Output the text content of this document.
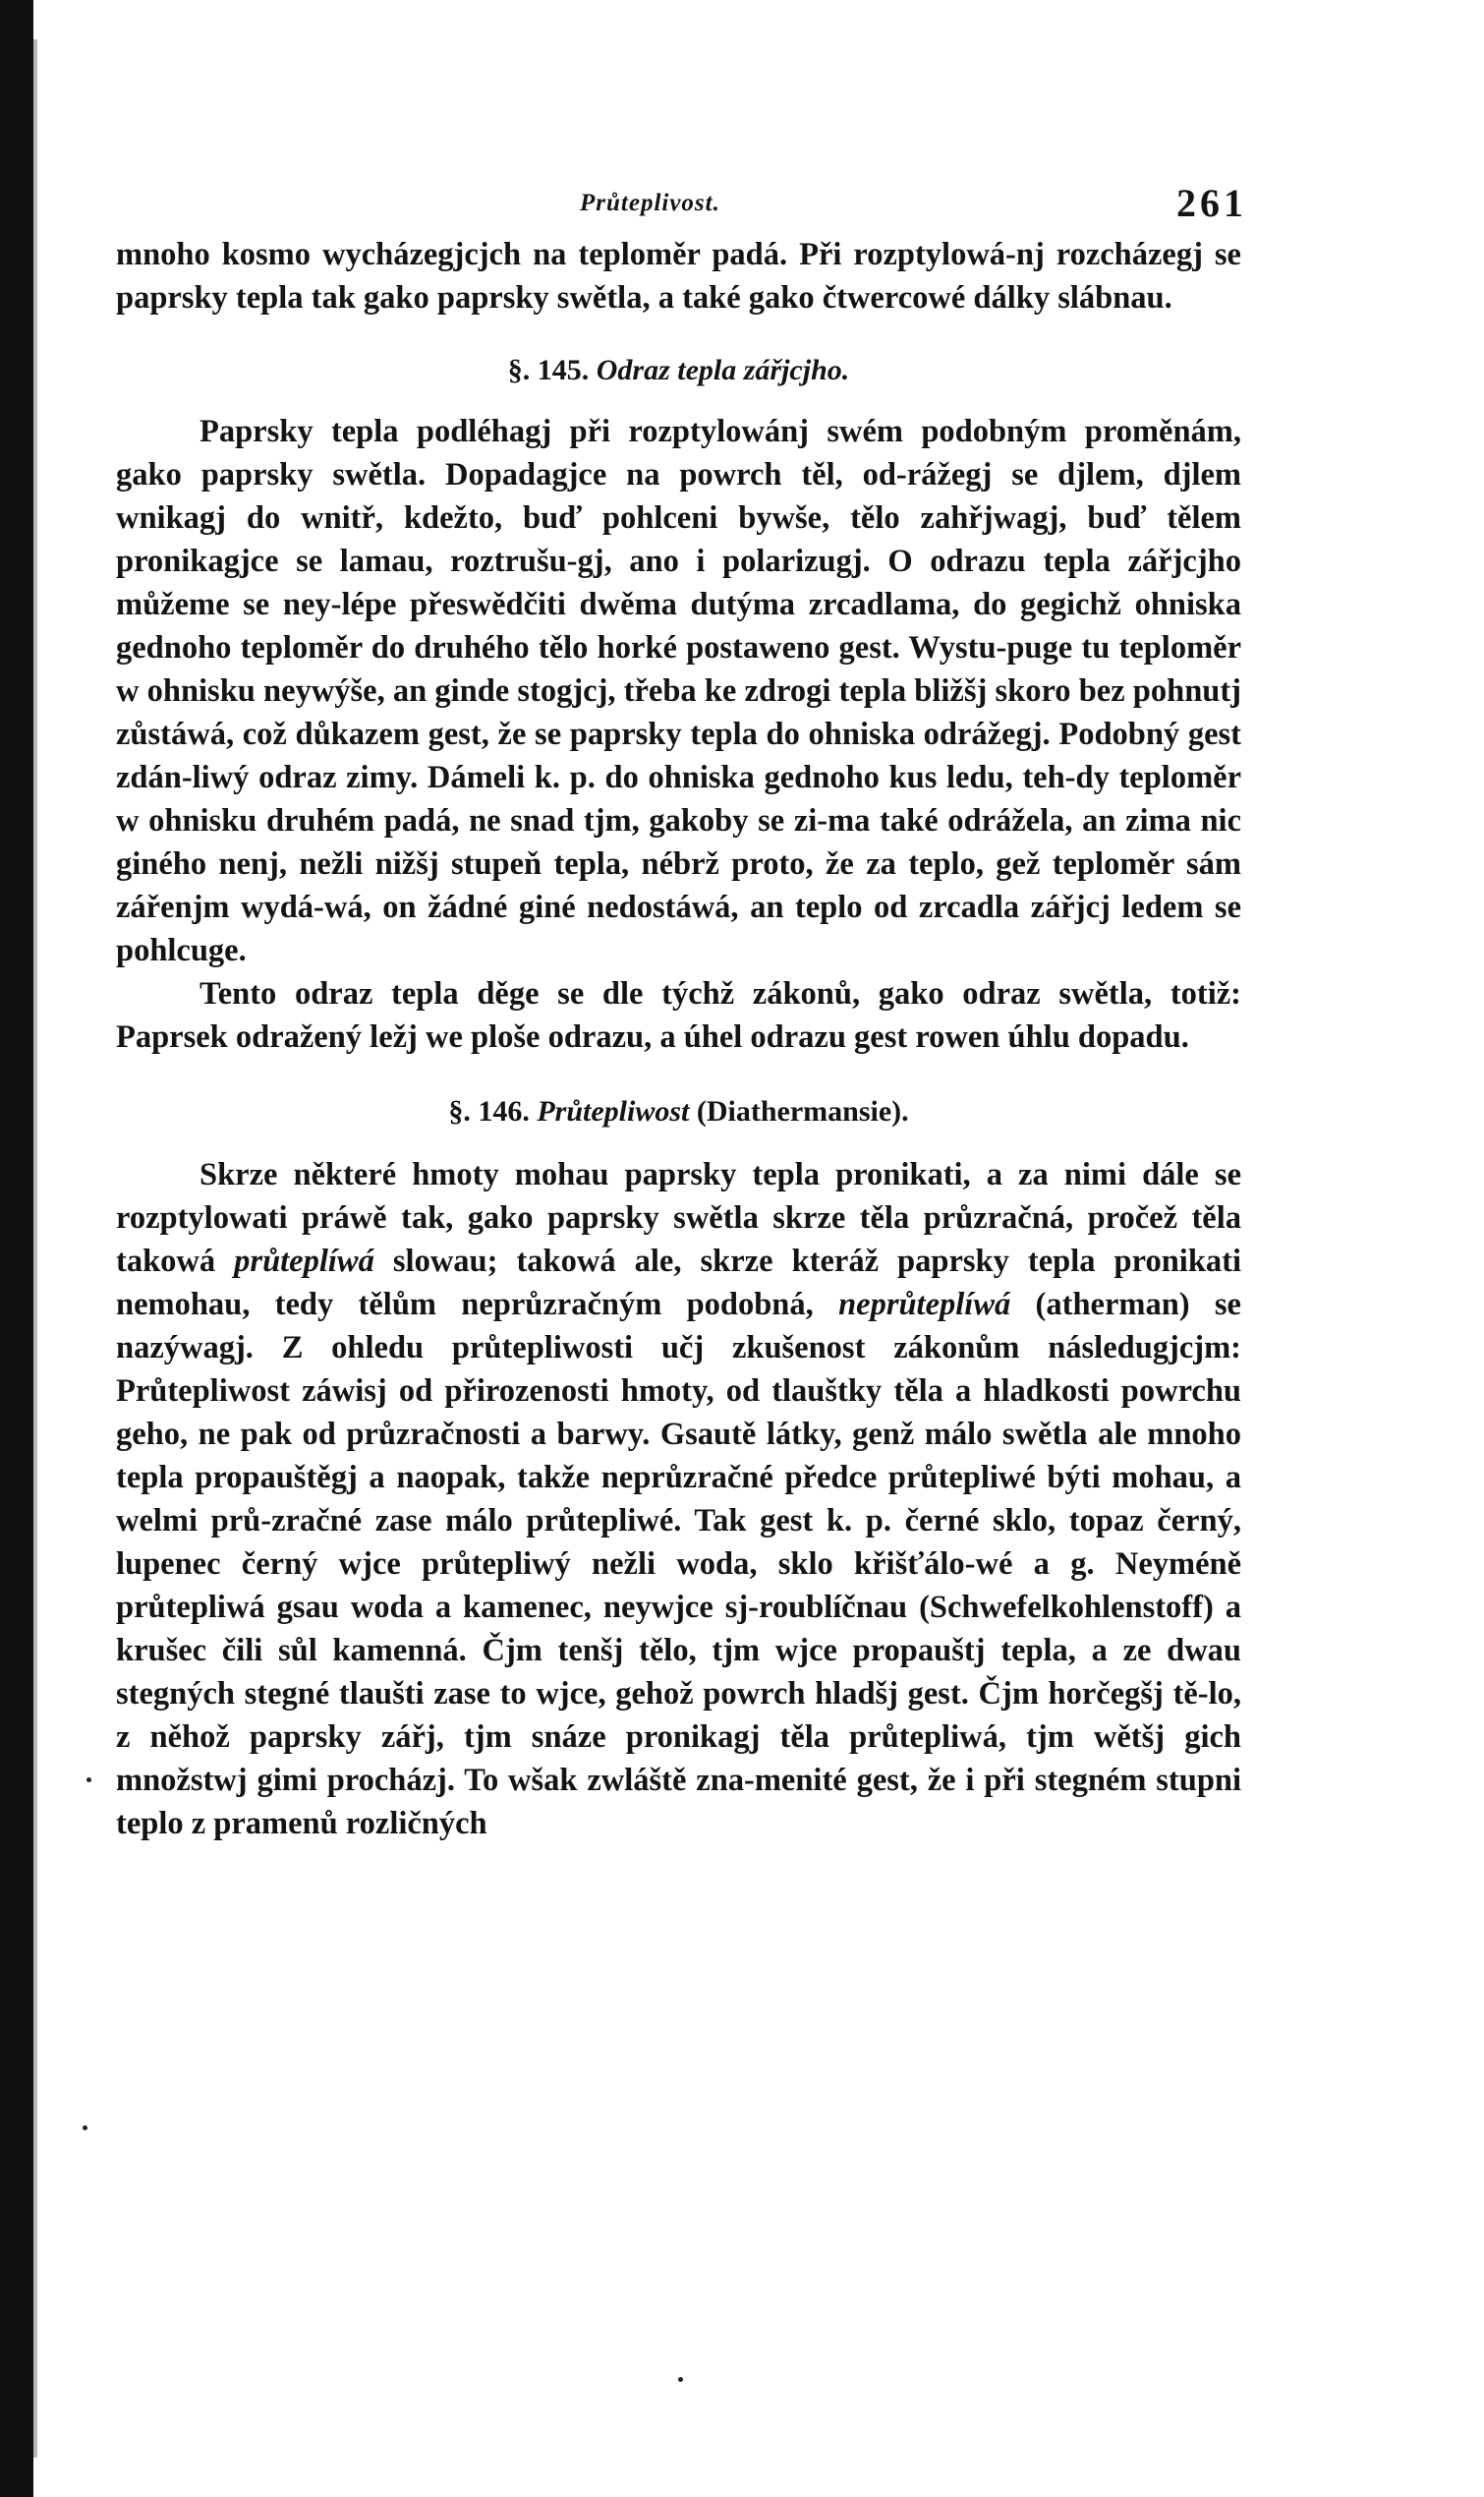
Průteplivost.	261

mnoho kosmo wycházegjcjch na teploměr padá. Při rozptylowá-nj rozcházegj se paprsky tepla tak gako paprsky swětla, a také gako čtwercowé dálky slábnau.

§. 145. Odraz tepla zářjcjho.

Paprsky tepla podléhagj při rozptylowánj swém podobným proměnám, gako paprsky swětla. Dopadagjce na powrch těl, od-rážegj se djlem, djlem wnikagj do wnitř, kdežto, buď pohlceni bywše, tělo zahřjwagj, buď tělem pronikagjce se lamau, roztrušu-gj, ano i polarizugj. O odrazu tepla zářjcjho můžeme se ney-lépe přeswědčiti dwěma dutýma zrcadlama, do gegichž ohniska gednoho teploměr do druhého tělo horké postaweno gest. Wystu-puge tu teploměr w ohnisku neywýše, an ginde stogjcj, třeba ke zdrogi tepla bližšj skoro bez pohnutj zůstáwá, což důkazem gest, že se paprsky tepla do ohniska odrážegj. Podobný gest zdán-liwý odraz zimy. Dámeli k. p. do ohniska gednoho kus ledu, teh-dy teploměr w ohnisku druhém padá, ne snad tjm, gakoby se zi-ma také odrážela, an zima nic giného nenj, nežli nižšj stupeň tepla, nébrž proto, že za teplo, gež teploměr sám zářenjm wydá-wá, on žádné giné nedostáwá, an teplo od zrcadla zářjcj ledem se pohlcuge.

Tento odraz tepla děge se dle týchž zákonů, gako odraz swětla, totiž: Paprsek odražený ležj we ploše odrazu, a úhel odrazu gest rowen úhlu dopadu.

§. 146. Průtepliwost (Diathermansie).

Skrze některé hmoty mohau paprsky tepla pronikati, a za nimi dále se rozptylowati práwě tak, gako paprsky swětla skrze těla průzračná, pročež těla takowá průteplíwá slowau; takowá ale, skrze kteráž paprsky tepla pronikati nemohau, tedy tělům neprůzračným podobná, neprůteplíwá (atherman) se nazýwagj. Z ohledu průtepliwosti učj zkušenost zákonům následugjcjm: Průtepliwost záwisj od přirozenosti hmoty, od tlauštky těla a hladkosti powrchu geho, ne pak od průzračnosti a barwy. Gsautě látky, genž málo swětla ale mnoho tepla propauštěgj a naopak, takže neprůzračné předce průtepliwé býti mohau, a welmi prů-zračné zase málo průtepliwé. Tak gest k. p. černé sklo, topaz černý, lupenec černý wjce průtepliwý nežli woda, sklo křišťálo-wé a g. Neyméně průtepliwá gsau woda a kamenec, neywjce sj-roublíčnau (Schwefelkohlenstoff) a krušec čili sůl kamenná. Čjm tenšj tělo, tjm wjce propauštj tepla, a ze dwau stegných stegné tlaušti zase to wjce, gehož powrch hladšj gest. Čjm horčegšj tě-lo, z něhož paprsky zářj, tjm snáze pronikagj těla průtepliwá, tjm wětšj gich množstwj gimi procházj. To wšak zwláště zna-menité gest, že i při stegném stupni teplo z pramenů rozličných
